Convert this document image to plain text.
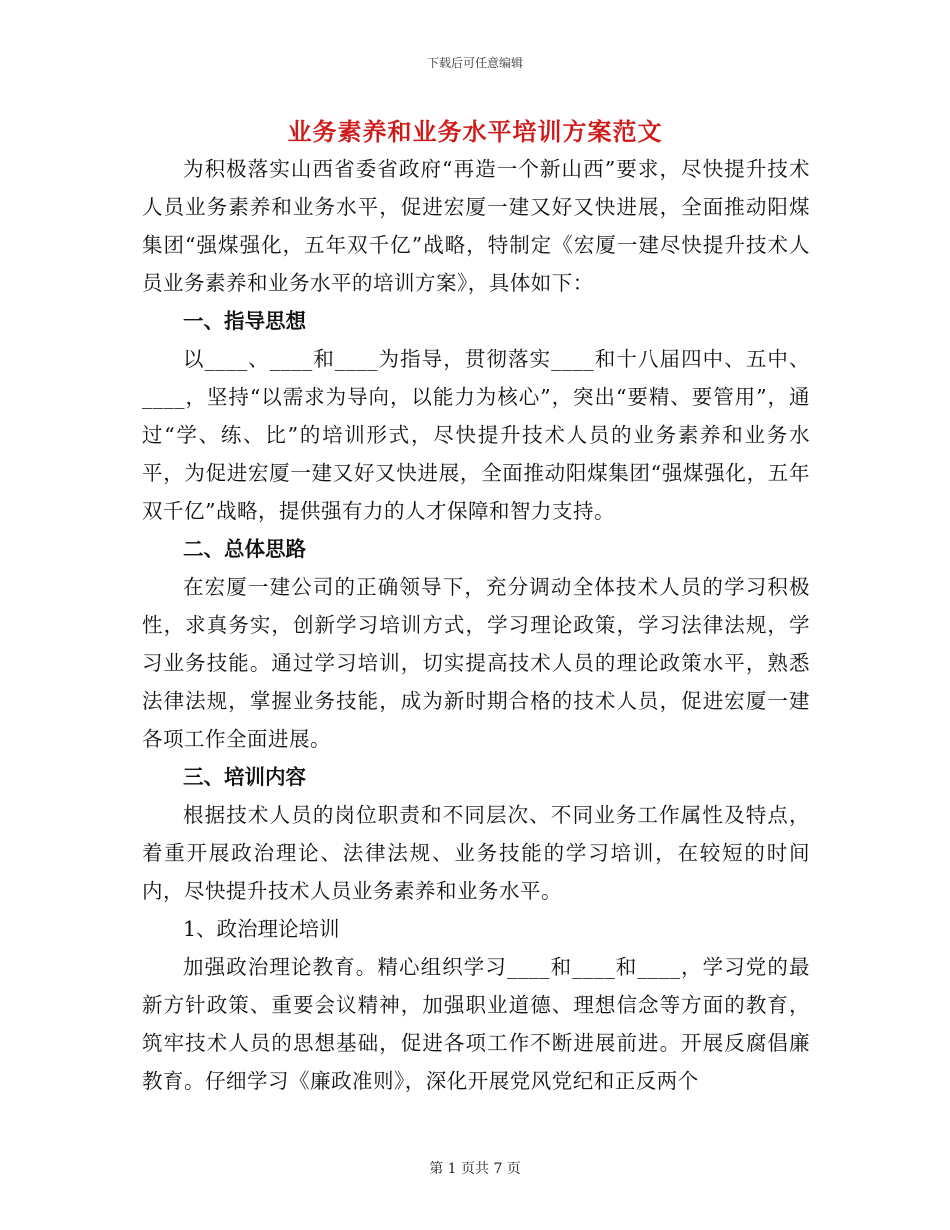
下载后可任意编辑
业务素养和业务水平培训方案范文

为积极落实山西省委省政府“再造一个新山西”要求，尽快提升技术人员业务素养和业务水平，促进宏厦一建又好又快进展，全面推动阳煤集团“强煤强化，五年双千亿”战略，特制定《宏厦一建尽快提升技术人员业务素养和业务水平的培训方案》，具体如下：

一、指导思想

以____、____和____为指导，贯彻落实____和十八届四中、五中、____，坚持“以需求为导向，以能力为核心”，突出“要精、要管用”，通过“学、练、比”的培训形式，尽快提升技术人员的业务素养和业务水平，为促进宏厦一建又好又快进展，全面推动阳煤集团“强煤强化，五年双千亿”战略，提供强有力的人才保障和智力支持。

二、总体思路

在宏厦一建公司的正确领导下，充分调动全体技术人员的学习积极性，求真务实，创新学习培训方式，学习理论政策，学习法律法规，学习业务技能。通过学习培训，切实提高技术人员的理论政策水平，熟悉法律法规，掌握业务技能，成为新时期合格的技术人员，促进宏厦一建各项工作全面进展。

三、培训内容

根据技术人员的岗位职责和不同层次、不同业务工作属性及特点，着重开展政治理论、法律法规、业务技能的学习培训，在较短的时间内，尽快提升技术人员业务素养和业务水平。

1、政治理论培训

加强政治理论教育。精心组织学习____和____和____，学习党的最新方针政策、重要会议精神，加强职业道德、理想信念等方面的教育，筑牢技术人员的思想基础，促进各项工作不断进展前进。开展反腐倡廉教育。仔细学习《廉政准则》，深化开展党风党纪和正反两个

第 1 页共 7 页
